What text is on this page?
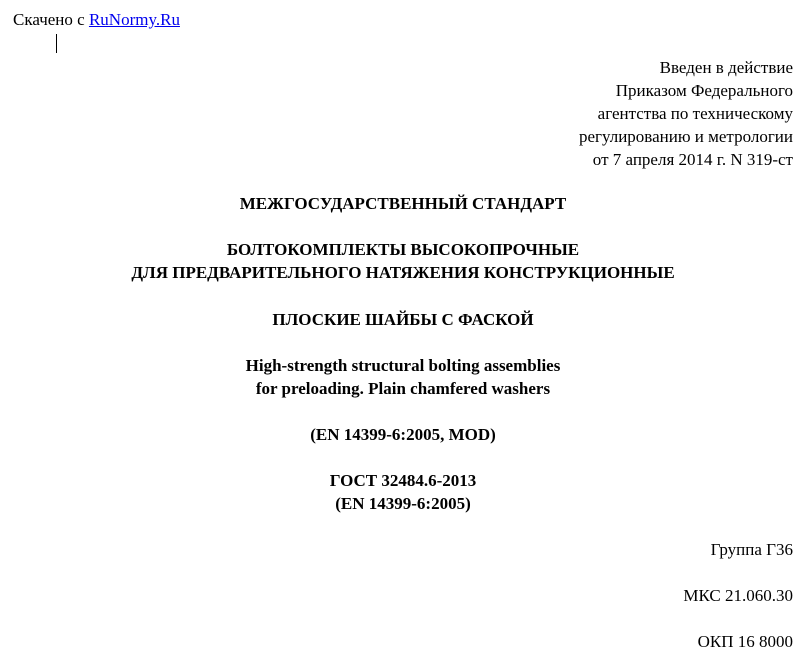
Скачено с RuNormy.Ru
Введен в действие
Приказом Федерального
агентства по техническому
регулированию и метрологии
от 7 апреля 2014 г. N 319-ст
МЕЖГОСУДАРСТВЕННЫЙ СТАНДАРТ
БОЛТОКОМПЛЕКТЫ ВЫСОКОПРОЧНЫЕ
ДЛЯ ПРЕДВАРИТЕЛЬНОГО НАТЯЖЕНИЯ КОНСТРУКЦИОННЫЕ
ПЛОСКИЕ ШАЙБЫ С ФАСКОЙ
High-strength structural bolting assemblies
for preloading. Plain chamfered washers
(EN 14399-6:2005, MOD)
ГОСТ 32484.6-2013
(EN 14399-6:2005)
Группа Г36
МКС 21.060.30
ОКП 16 8000
